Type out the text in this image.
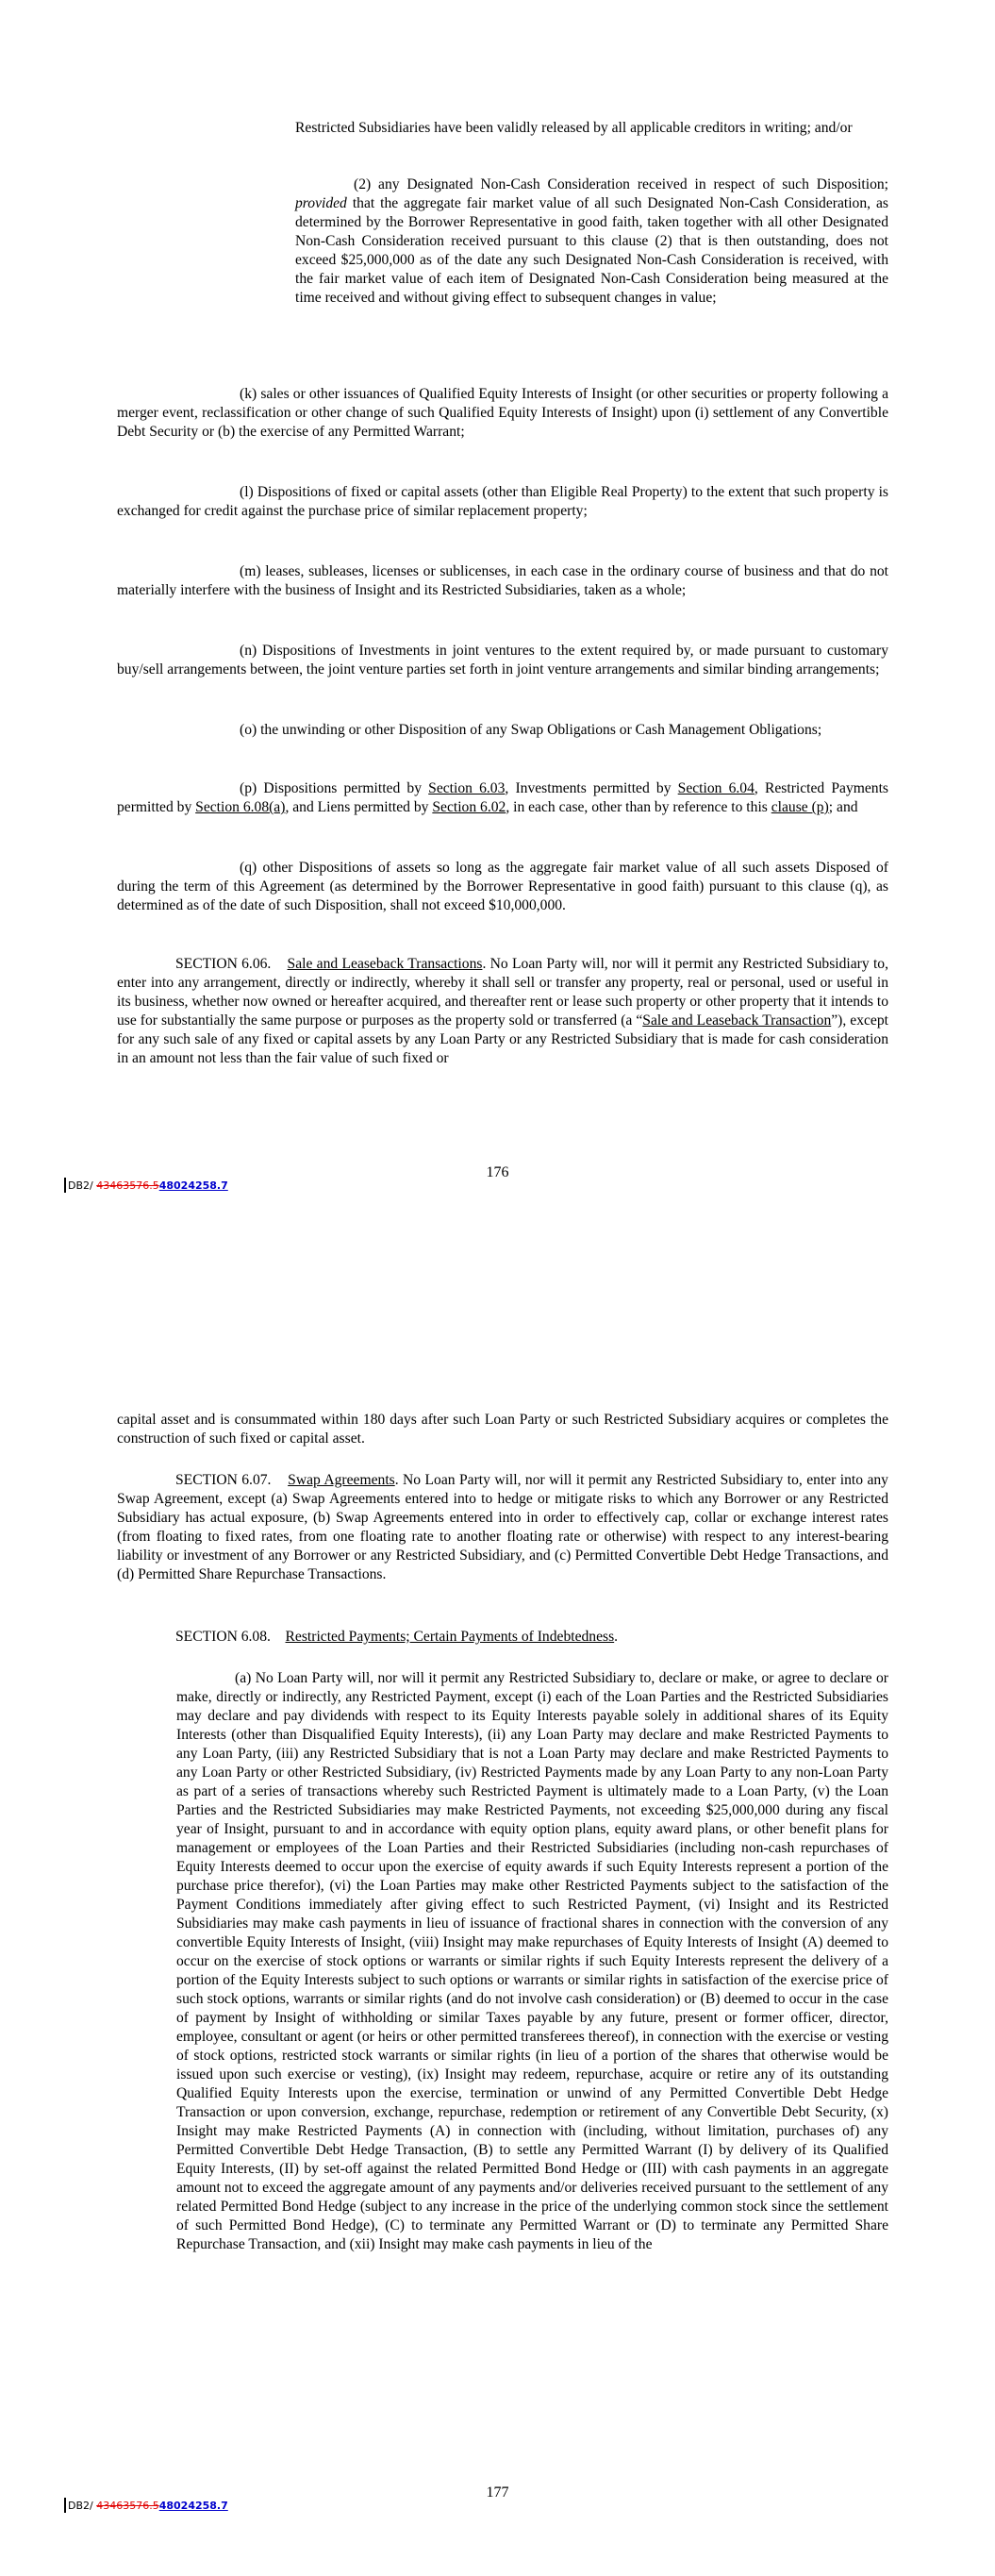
Restricted Subsidiaries have been validly released by all applicable creditors in writing; and/or

(2) any Designated Non-Cash Consideration received in respect of such Disposition; provided that the aggregate fair market value of all such Designated Non-Cash Consideration, as determined by the Borrower Representative in good faith, taken together with all other Designated Non-Cash Consideration received pursuant to this clause (2) that is then outstanding, does not exceed $25,000,000 as of the date any such Designated Non-Cash Consideration is received, with the fair market value of each item of Designated Non-Cash Consideration being measured at the time received and without giving effect to subsequent changes in value;

(k) sales or other issuances of Qualified Equity Interests of Insight (or other securities or property following a merger event, reclassification or other change of such Qualified Equity Interests of Insight) upon (i) settlement of any Convertible Debt Security or (b) the exercise of any Permitted Warrant;

(l) Dispositions of fixed or capital assets (other than Eligible Real Property) to the extent that such property is exchanged for credit against the purchase price of similar replacement property;

(m) leases, subleases, licenses or sublicenses, in each case in the ordinary course of business and that do not materially interfere with the business of Insight and its Restricted Subsidiaries, taken as a whole;

(n) Dispositions of Investments in joint ventures to the extent required by, or made pursuant to customary buy/sell arrangements between, the joint venture parties set forth in joint venture arrangements and similar binding arrangements;

(o) the unwinding or other Disposition of any Swap Obligations or Cash Management Obligations;

(p) Dispositions permitted by Section 6.03, Investments permitted by Section 6.04, Restricted Payments permitted by Section 6.08(a), and Liens permitted by Section 6.02, in each case, other than by reference to this clause (p); and

(q) other Dispositions of assets so long as the aggregate fair market value of all such assets Disposed of during the term of this Agreement (as determined by the Borrower Representative in good faith) pursuant to this clause (q), as determined as of the date of such Disposition, shall not exceed $10,000,000.

SECTION 6.06. Sale and Leaseback Transactions. No Loan Party will, nor will it permit any Restricted Subsidiary to, enter into any arrangement, directly or indirectly, whereby it shall sell or transfer any property, real or personal, used or useful in its business, whether now owned or hereafter acquired, and thereafter rent or lease such property or other property that it intends to use for substantially the same purpose or purposes as the property sold or transferred (a “Sale and Leaseback Transaction”), except for any such sale of any fixed or capital assets by any Loan Party or any Restricted Subsidiary that is made for cash consideration in an amount not less than the fair value of such fixed or

176
DB2/ 43463576.548024258.7

capital asset and is consummated within 180 days after such Loan Party or such Restricted Subsidiary acquires or completes the construction of such fixed or capital asset.

SECTION 6.07. Swap Agreements. No Loan Party will, nor will it permit any Restricted Subsidiary to, enter into any Swap Agreement, except (a) Swap Agreements entered into to hedge or mitigate risks to which any Borrower or any Restricted Subsidiary has actual exposure, (b) Swap Agreements entered into in order to effectively cap, collar or exchange interest rates (from floating to fixed rates, from one floating rate to another floating rate or otherwise) with respect to any interest-bearing liability or investment of any Borrower or any Restricted Subsidiary, and (c) Permitted Convertible Debt Hedge Transactions, and (d) Permitted Share Repurchase Transactions.

SECTION 6.08. Restricted Payments; Certain Payments of Indebtedness.

(a) No Loan Party will, nor will it permit any Restricted Subsidiary to, declare or make, or agree to declare or make, directly or indirectly, any Restricted Payment, except (i) each of the Loan Parties and the Restricted Subsidiaries may declare and pay dividends with respect to its Equity Interests payable solely in additional shares of its Equity Interests (other than Disqualified Equity Interests), (ii) any Loan Party may declare and make Restricted Payments to any Loan Party, (iii) any Restricted Subsidiary that is not a Loan Party may declare and make Restricted Payments to any Loan Party or other Restricted Subsidiary, (iv) Restricted Payments made by any Loan Party to any non-Loan Party as part of a series of transactions whereby such Restricted Payment is ultimately made to a Loan Party, (v) the Loan Parties and the Restricted Subsidiaries may make Restricted Payments, not exceeding $25,000,000 during any fiscal year of Insight, pursuant to and in accordance with equity option plans, equity award plans, or other benefit plans for management or employees of the Loan Parties and their Restricted Subsidiaries (including non-cash repurchases of Equity Interests deemed to occur upon the exercise of equity awards if such Equity Interests represent a portion of the purchase price therefor), (vi) the Loan Parties may make other Restricted Payments subject to the satisfaction of the Payment Conditions immediately after giving effect to such Restricted Payment, (vi) Insight and its Restricted Subsidiaries may make cash payments in lieu of issuance of fractional shares in connection with the conversion of any convertible Equity Interests of Insight, (viii) Insight may make repurchases of Equity Interests of Insight (A) deemed to occur on the exercise of stock options or warrants or similar rights if such Equity Interests represent the delivery of a portion of the Equity Interests subject to such options or warrants or similar rights in satisfaction of the exercise price of such stock options, warrants or similar rights (and do not involve cash consideration) or (B) deemed to occur in the case of payment by Insight of withholding or similar Taxes payable by any future, present or former officer, director, employee, consultant or agent (or heirs or other permitted transferees thereof), in connection with the exercise or vesting of stock options, restricted stock warrants or similar rights (in lieu of a portion of the shares that otherwise would be issued upon such exercise or vesting), (ix) Insight may redeem, repurchase, acquire or retire any of its outstanding Qualified Equity Interests upon the exercise, termination or unwind of any Permitted Convertible Debt Hedge Transaction or upon conversion, exchange, repurchase, redemption or retirement of any Convertible Debt Security, (x) Insight may make Restricted Payments (A) in connection with (including, without limitation, purchases of) any Permitted Convertible Debt Hedge Transaction, (B) to settle any Permitted Warrant (I) by delivery of its Qualified Equity Interests, (II) by set-off against the related Permitted Bond Hedge or (III) with cash payments in an aggregate amount not to exceed the aggregate amount of any payments and/or deliveries received pursuant to the settlement of any related Permitted Bond Hedge (subject to any increase in the price of the underlying common stock since the settlement of such Permitted Bond Hedge), (C) to terminate any Permitted Warrant or (D) to terminate any Permitted Share Repurchase Transaction, and (xii) Insight may make cash payments in lieu of the

177
DB2/ 43463576.548024258.7
